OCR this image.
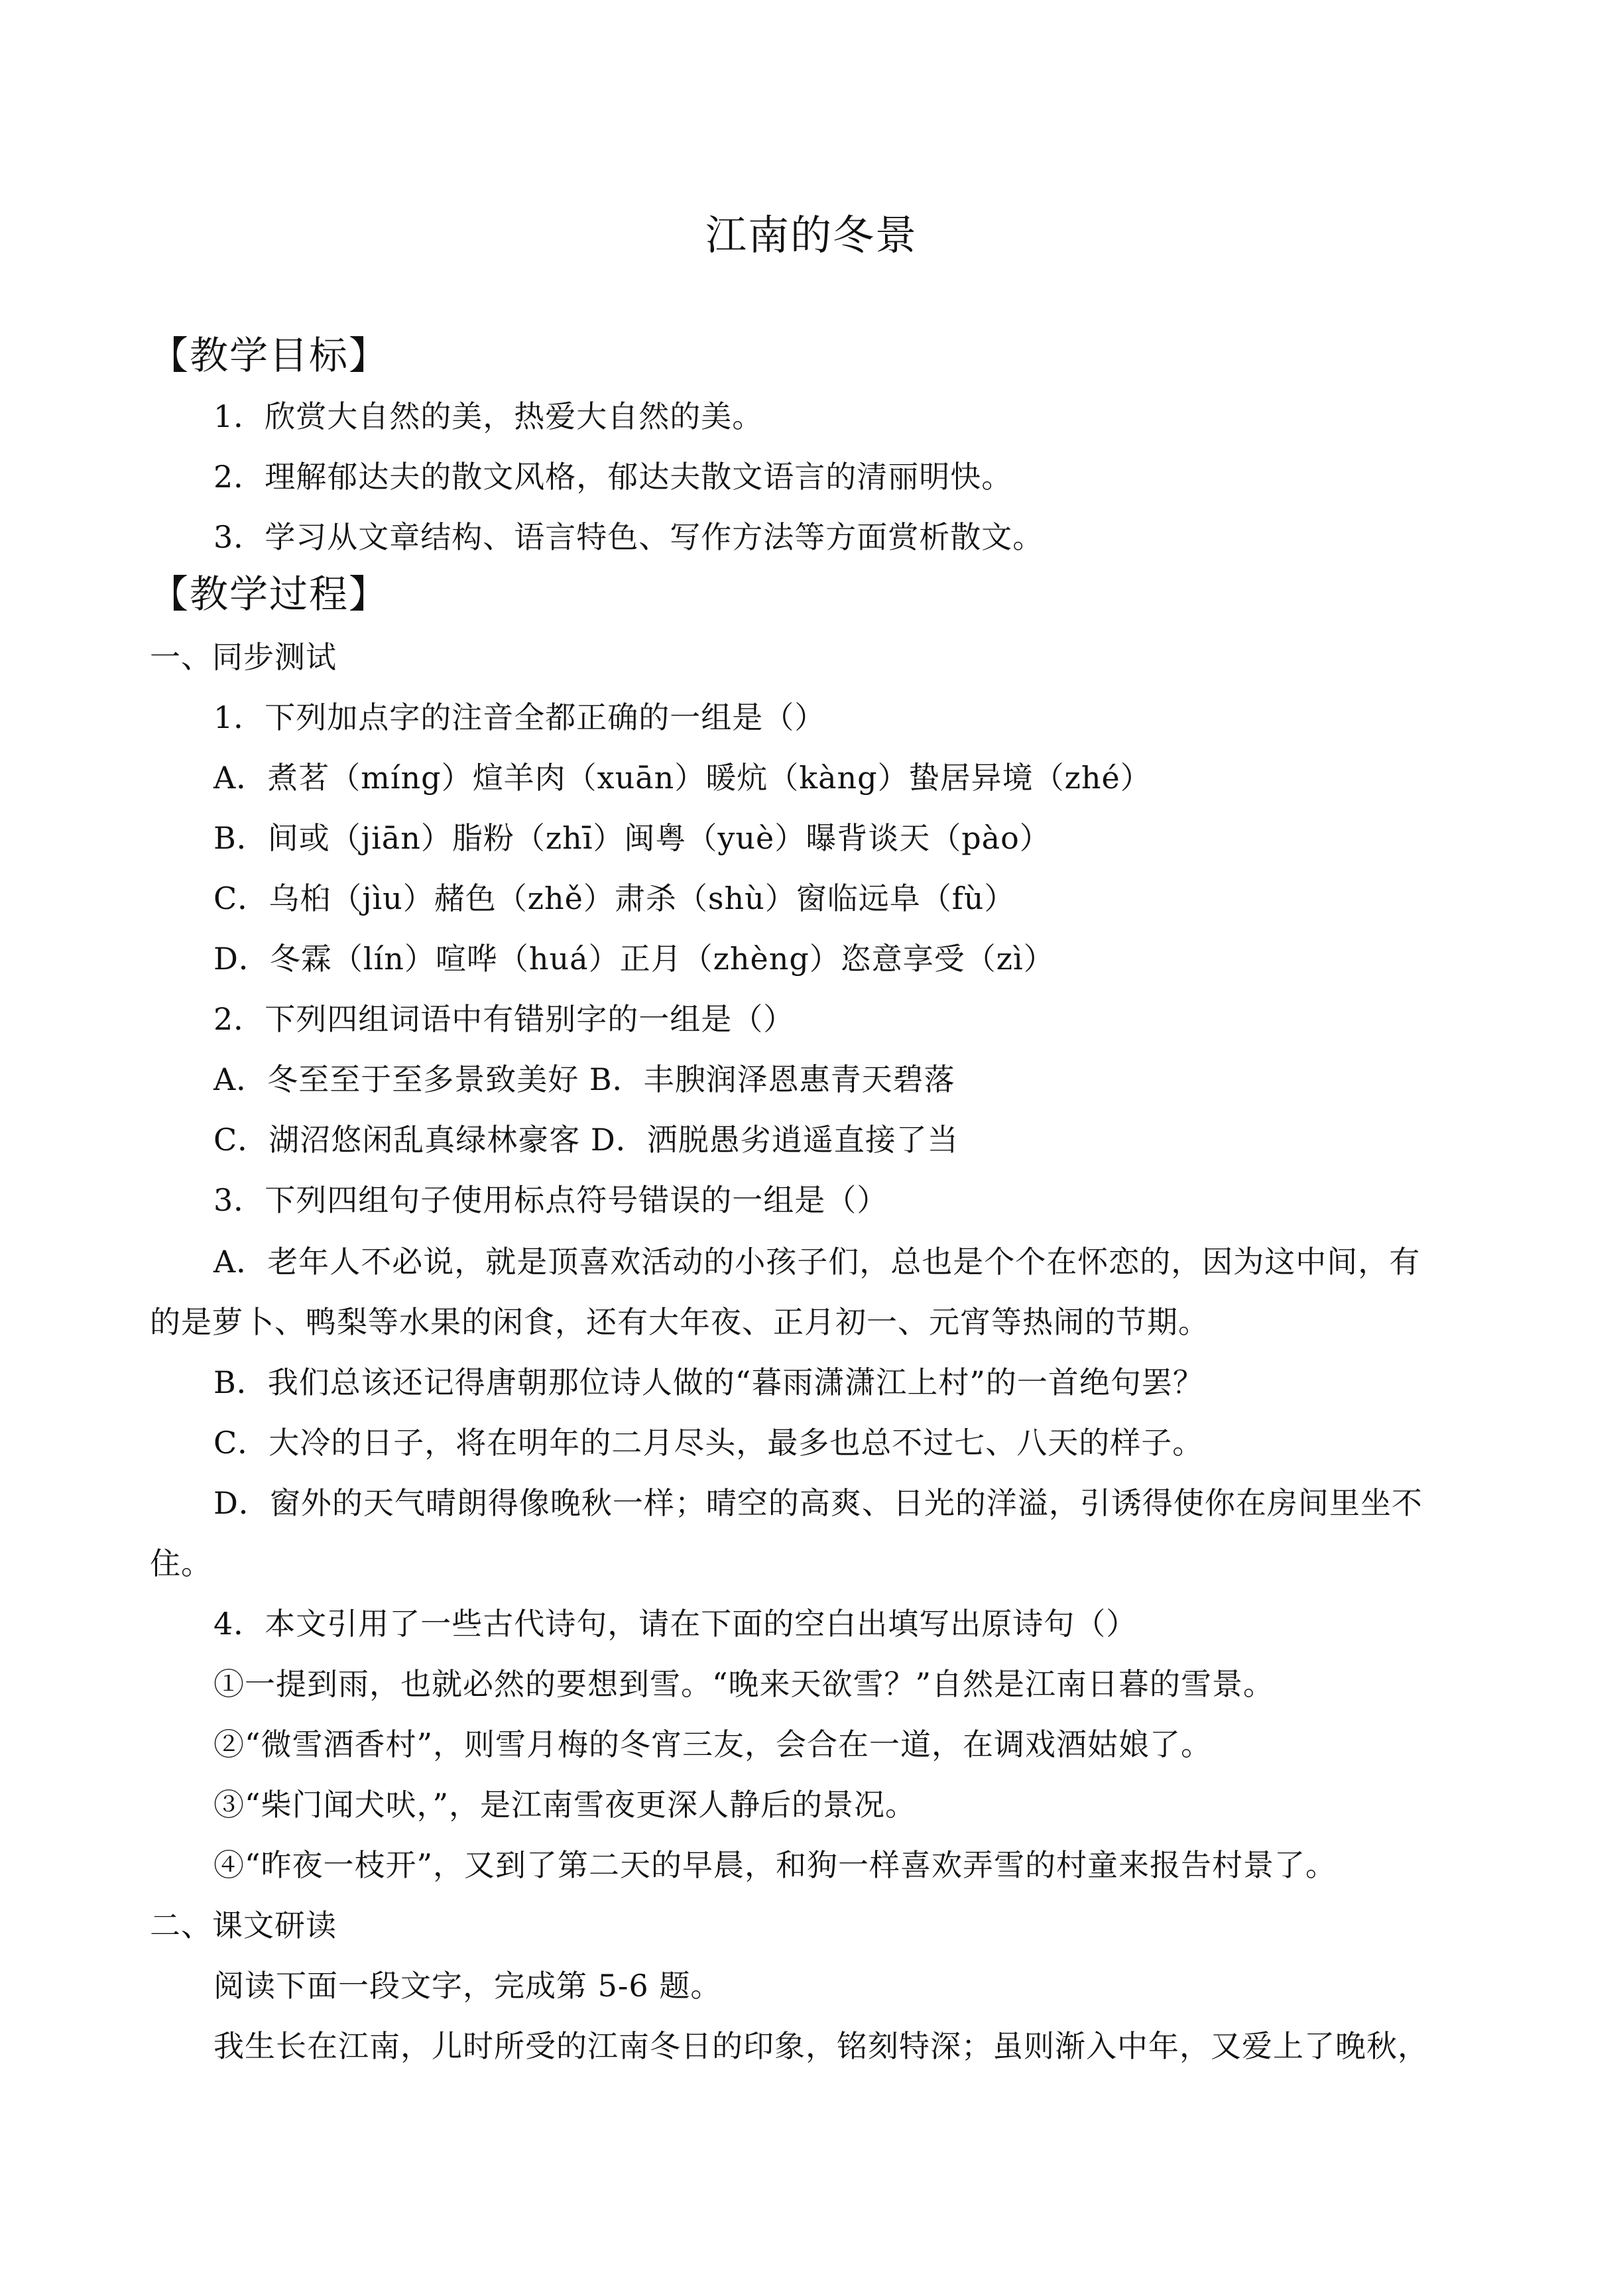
江南的冬景
【教学目标】
1．欣赏大自然的美，热爱大自然的美。
2．理解郁达夫的散文风格，郁达夫散文语言的清丽明快。
3．学习从文章结构、语言特色、写作方法等方面赏析散文。
【教学过程】
一、同步测试
1．下列加点字的注音全都正确的一组是（）
A．煮茗（míng）煊羊肉（xuān）暖炕（kàng）蛰居异境（zhé）
B．间或（jiān）脂粉（zhī）闽粤（yuè）曝背谈天（pào）
C．乌桕（jìu）赭色（zhě）肃杀（shù）窗临远阜（fù）
D．冬霖（lín）喧哗（huá）正月（zhèng）恣意享受（zì）
2．下列四组词语中有错别字的一组是（）
A．冬至至于至多景致美好 B．丰腴润泽恩惠青天碧落
C．湖沼悠闲乱真绿林豪客 D．洒脱愚劣逍遥直接了当
3．下列四组句子使用标点符号错误的一组是（）
A．老年人不必说，就是顶喜欢活动的小孩子们，总也是个个在怀恋的，因为这中间，有
的是萝卜、鸭梨等水果的闲食，还有大年夜、正月初一、元宵等热闹的节期。
B．我们总该还记得唐朝那位诗人做的“暮雨潇潇江上村”的一首绝句罢？
C．大冷的日子，将在明年的二月尽头，最多也总不过七、八天的样子。
D．窗外的天气晴朗得像晚秋一样；晴空的高爽、日光的洋溢，引诱得使你在房间里坐不
住。
4．本文引用了一些古代诗句，请在下面的空白出填写出原诗句（）
①一提到雨，也就必然的要想到雪。“晚来天欲雪？”自然是江南日暮的雪景。
②“微雪酒香村”，则雪月梅的冬宵三友，会合在一道，在调戏酒姑娘了。
③“柴门闻犬吠，”，是江南雪夜更深人静后的景况。
④“昨夜一枝开”，又到了第二天的早晨，和狗一样喜欢弄雪的村童来报告村景了。
二、课文研读
阅读下面一段文字，完成第 5-6 题。
我生长在江南，儿时所受的江南冬日的印象，铭刻特深；虽则渐入中年，又爱上了晚秋，
